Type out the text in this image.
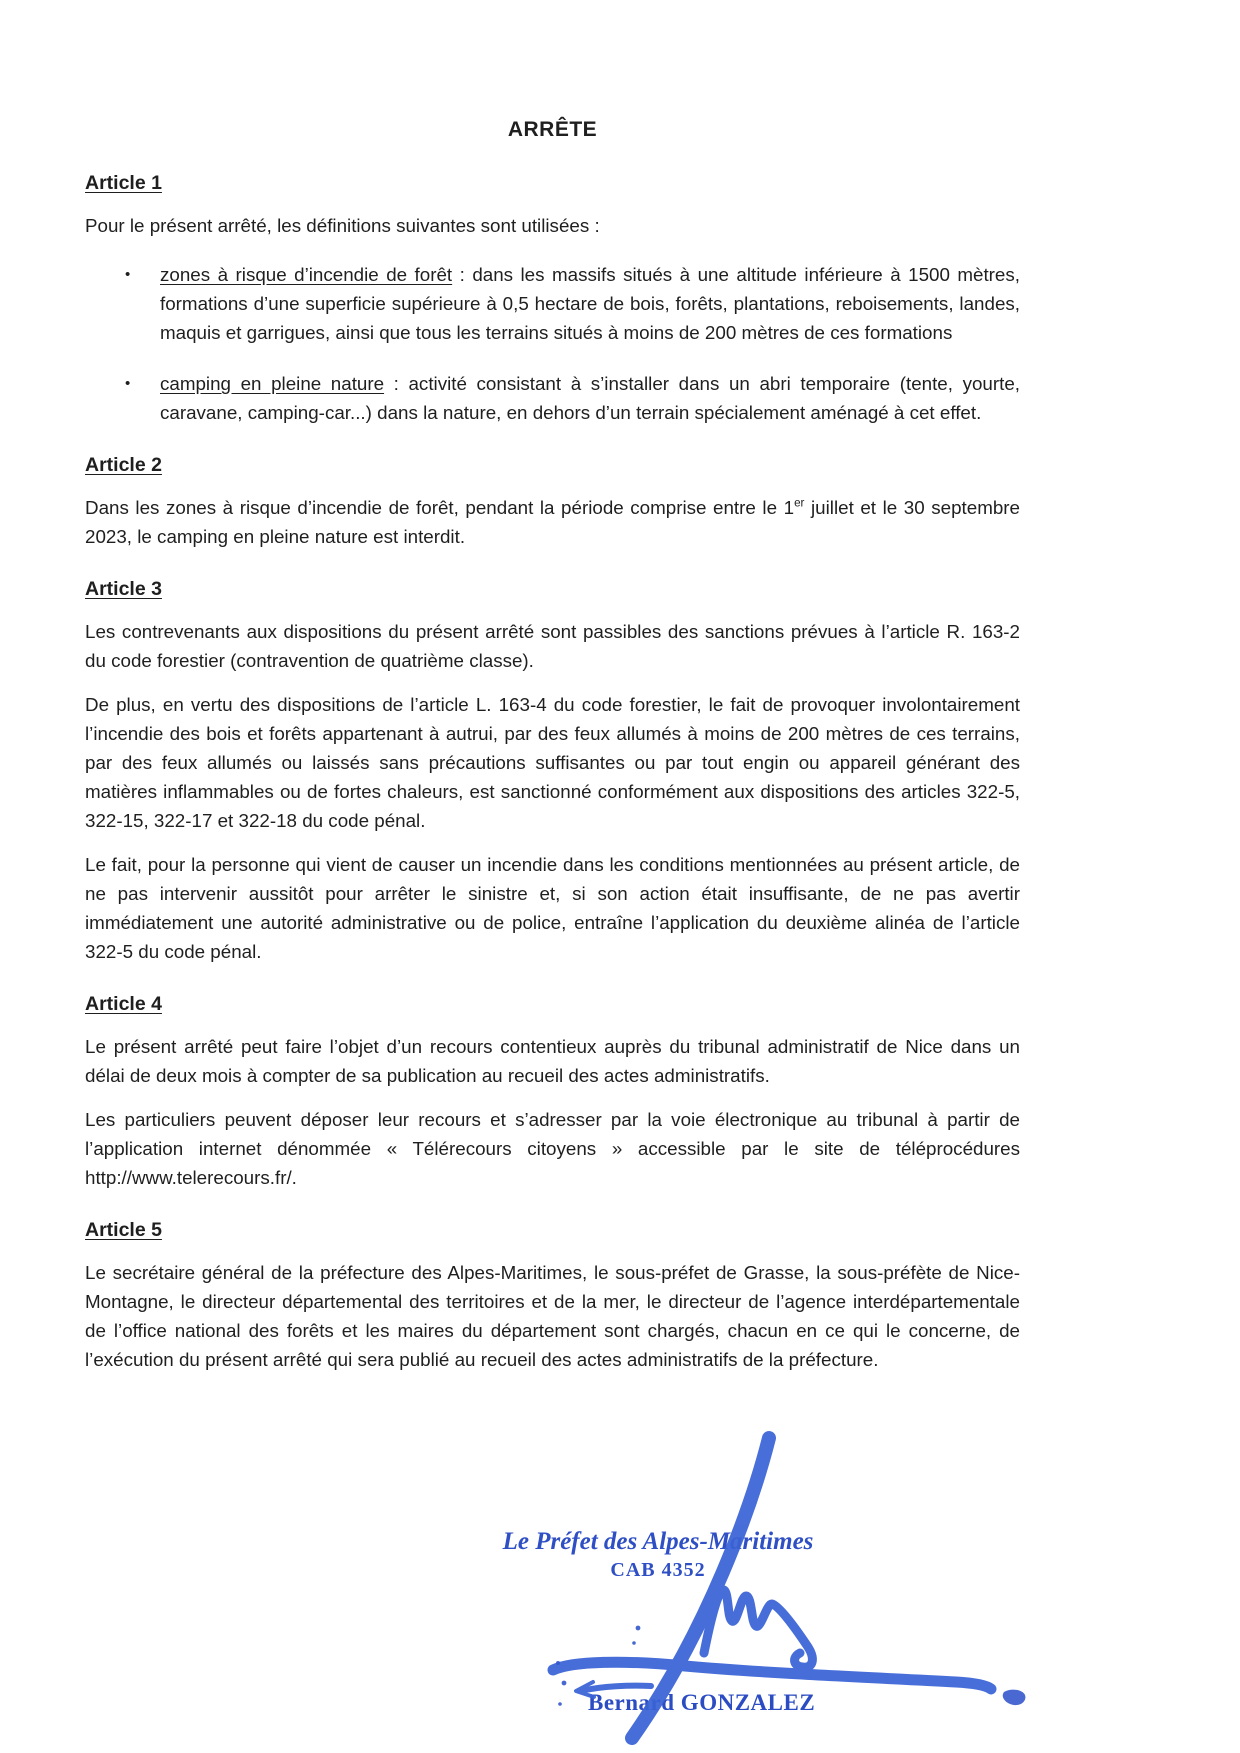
ARRÊTE
Article 1

Pour le présent arrêté, les définitions suivantes sont utilisées :

• zones à risque d’incendie de forêt : dans les massifs situés à une altitude inférieure à 1500 mètres, formations d’une superficie supérieure à 0,5 hectare de bois, forêts, plantations, reboisements, landes, maquis et garrigues, ainsi que tous les terrains situés à moins de 200 mètres de ces formations
• camping en pleine nature : activité consistant à s’installer dans un abri temporaire (tente, yourte, caravane, camping-car...) dans la nature, en dehors d’un terrain spécialement aménagé à cet effet.
Article 2

Dans les zones à risque d’incendie de forêt, pendant la période comprise entre le 1er juillet et le 30 septembre 2023, le camping en pleine nature est interdit.

Article 3

Les contrevenants aux dispositions du présent arrêté sont passibles des sanctions prévues à l’article R. 163-2 du code forestier (contravention de quatrième classe).

De plus, en vertu des dispositions de l’article L. 163-4 du code forestier, le fait de provoquer involontairement l’incendie des bois et forêts appartenant à autrui, par des feux allumés à moins de 200 mètres de ces terrains, par des feux allumés ou laissés sans précautions suffisantes ou par tout engin ou appareil générant des matières inflammables ou de fortes chaleurs, est sanctionné conformément aux dispositions des articles 322-5, 322-15, 322-17 et 322-18 du code pénal.

Le fait, pour la personne qui vient de causer un incendie dans les conditions mentionnées au présent article, de ne pas intervenir aussitôt pour arrêter le sinistre et, si son action était insuffisante, de ne pas avertir immédiatement une autorité administrative ou de police, entraîne l’application du deuxième alinéa de l’article 322-5 du code pénal.

Article 4

Le présent arrêté peut faire l’objet d’un recours contentieux auprès du tribunal administratif de Nice dans un délai de deux mois à compter de sa publication au recueil des actes administratifs.

Les particuliers peuvent déposer leur recours et s’adresser par la voie électronique au tribunal à partir de l’application internet dénommée « Télérecours citoyens » accessible par le site de téléprocédures http://www.telerecours.fr/.

Article 5

Le secrétaire général de la préfecture des Alpes-Maritimes, le sous-préfet de Grasse, la sous-préfète de Nice-Montagne, le directeur départemental des territoires et de la mer, le directeur de l’agence interdépartementale de l’office national des forêts et les maires du département sont chargés, chacun en ce qui le concerne, de l’exécution du présent arrêté qui sera publié au recueil des actes administratifs de la préfecture.

Le Préfet des Alpes-Maritimes
CAB 4352
Bernard GONZALEZ
